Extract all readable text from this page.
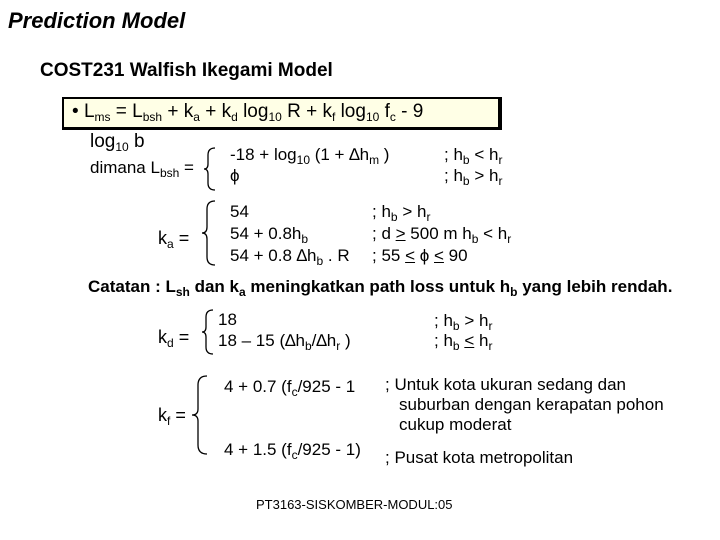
Prediction Model
COST231 Walfish Ikegami Model
• $L_{ms} = L_{bsh} + k_a + k_d$ $\log_{10} R + k_f$ $\log_{10} f_c - 9$
$\log_{10} b$
dimana $L_{bsh}$ =
$-18 + \log_{10} (1 + \Delta h_m$ )	; $h_b < h_r$
ϕ	; $h_b > h_r$
$k_a$ =
54	; $h_b > h_r$
$54 + 0.8h_b$	; d > 500 m $h_b < h_r$
54 + 0.8 $\Delta h_b$ . R ; 55 < ϕ < 90
Catatan : $L_{sh}$ dan $k_a$ meningkatkan path loss untuk $h_b$ yang lebih rendah.
$k_d$ =
18	; $h_b > h_r$
18 – 15 ($\Delta h_b/\Delta h_r$ )	; $h_b < h_r$
$k_f$ =
4 + 0.7 ($f_c/925 - 1$ ; Untuk kota ukuran sedang dan
suburban dengan kerapatan pohon
cukup moderat
4 + 1.5 $(f_c/925 - 1)$ ; Pusat kota metropolitan
PT3163-SISKOMBER-MODUL:05
